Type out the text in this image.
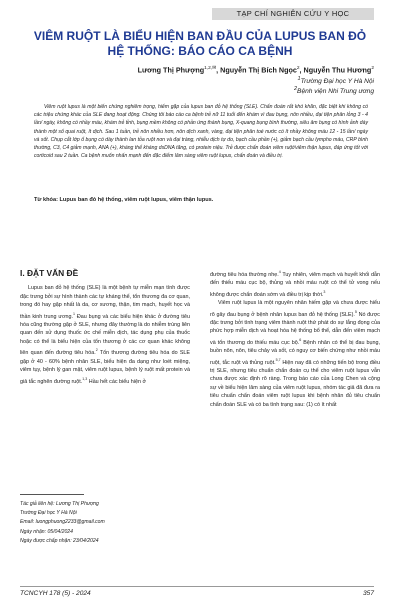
TẠP CHÍ NGHIÊN CỨU Y HỌC
VIÊM RUỘT LÀ BIỂU HIỆN BAN ĐẦU CỦA LUPUS BAN ĐỎ
HỆ THỐNG: BÁO CÁO CA BỆNH
Lương Thị Phượng$^{1,2,✉}$, Nguyễn Thị Bích Ngọc$^2$, Nguyễn Thu Hương$^2$
$^1$Trường Đại học Y Hà Nội
$^2$Bệnh viện Nhi Trung ương
Viêm ruột lupus là một biến chứng nghiêm trọng, hiếm gặp của lupus ban đỏ hệ thống (SLE). Chẩn đoán rất khó khăn, đặc biệt khi không có các triệu chứng khác của SLE đang hoạt động. Chúng tôi báo cáo ca bệnh trẻ nữ 11 tuổi đến khám vì đau bụng, nôn nhiều, đại tiện phân lỏng 3 - 4 lần/ ngày, không có nhầy máu, khám trẻ tỉnh, bụng mềm không có phản ứng thành bụng, X-quang bụng bình thường, siêu âm bụng có hình ảnh dày thành một số quai ruột, ít dịch. Sau 1 tuần, trẻ nôn nhiều hơn, nôn dịch xanh, vàng, đại tiện phân toé nước có ít nhầy không máu 12 - 15 lần/ ngày và sốt. Chụp cắt lớp ổ bụng có dày thành lan tỏa ruột non và đại tràng, nhiễu dịch tự do, bạch cầu phần (+), giảm bạch cầu lympho máu, CRP bình thường, C3, C4 giảm mạnh, ANA (+), kháng thể kháng dsDNA tăng, có protein niệu. Trẻ được chẩn đoán viêm ruột/viêm thận lupus, đáp ứng tốt với corticoid sau 2 tuần. Ca bệnh muốn nhấn mạnh đến đặc điểm lâm sàng viêm ruột lupus, chẩn đoán và điều trị.
Từ khóa: Lupus ban đỏ hệ thống, viêm ruột lupus, viêm thận lupus.
I. ĐẶT VẤN ĐỀ

Lupus ban đỏ hệ thống (SLE) là một bệnh tự miễn mạn tính được đặc trưng bởi sự hình thành các tự kháng thể, tổn thương đa cơ quan, trong đó hay gặp nhất là da, cơ xương, thận, tim mạch, huyết học và thần kinh trung ương.$^1$ Đau bụng và các biểu hiện khác ở đường tiêu hóa cũng thường gặp ở SLE, nhưng đây thường là do nhiễm trùng liên quan đến sử dụng thuốc ức chế miễn dịch, tác dụng phụ của thuốc hoặc có thể là biểu hiện của tổn thương ở các cơ quan khác không liên quan đến đường tiêu hóa.$^2$ Tổn thương đường tiêu hóa do SLE gặp ở 40 - 60% bệnh nhân SLE, biểu hiện đa dạng như loét miệng, viêm tụy, bệnh lý gan mật, viêm ruột lupus, bệnh lý ruột mất protein và giả tắc nghẽn đường ruột.$^{1,3}$ Hầu hết các biểu hiện ở

Tác giả liên hệ: Lương Thị Phượng
Trường Đại học Y Hà Nội
Email: luongphuong2233@gmail.com
Ngày nhận: 05/04/2024
Ngày được chấp nhận: 23/04/2024

đường tiêu hóa thường nhẹ.$^4$ Tuy nhiên, viêm mạch và huyết khối dẫn đến thiếu máu cục bộ, thủng và nhồi máu ruột có thể tử vong nếu không được chẩn đoán sớm và điều trị kịp thời.$^3$

Viêm ruột lupus là một nguyên nhân hiếm gặp và chưa được hiểu rõ gây đau bụng ở bệnh nhân lupus ban đỏ hệ thống (SLE).$^5$ Nó được đặc trưng bởi tình trạng viêm thành ruột thứ phát do sự lắng đọng của phức hợp miễn dịch và hoạt hóa hệ thống bổ thể, dẫn đến viêm mạch và tổn thương do thiếu máu cục bộ.$^6$ Bệnh nhân có thể bị đau bụng, buồn nôn, nôn, tiêu chảy và sốt, có nguy cơ biến chứng như nhồi máu ruột, tắc ruột và thủng ruột.$^{5,7}$ Hiện nay đã có những tiến bộ trong điều trị SLE, nhưng tiêu chuẩn chẩn đoán cụ thể cho viêm ruột lupus vẫn chưa được xác định rõ ràng. Trong báo cáo của Long Chen và cộng sự về biểu hiện lâm sàng của viêm ruột lupus, nhóm tác giả đã đưa ra tiêu chuẩn chẩn đoán viêm ruột lupus khi bệnh nhân đủ tiêu chuẩn chẩn đoán SLE và có ba tình trạng sau: (1) có ít nhất

TCNCYH 178 (5) - 2024	357
